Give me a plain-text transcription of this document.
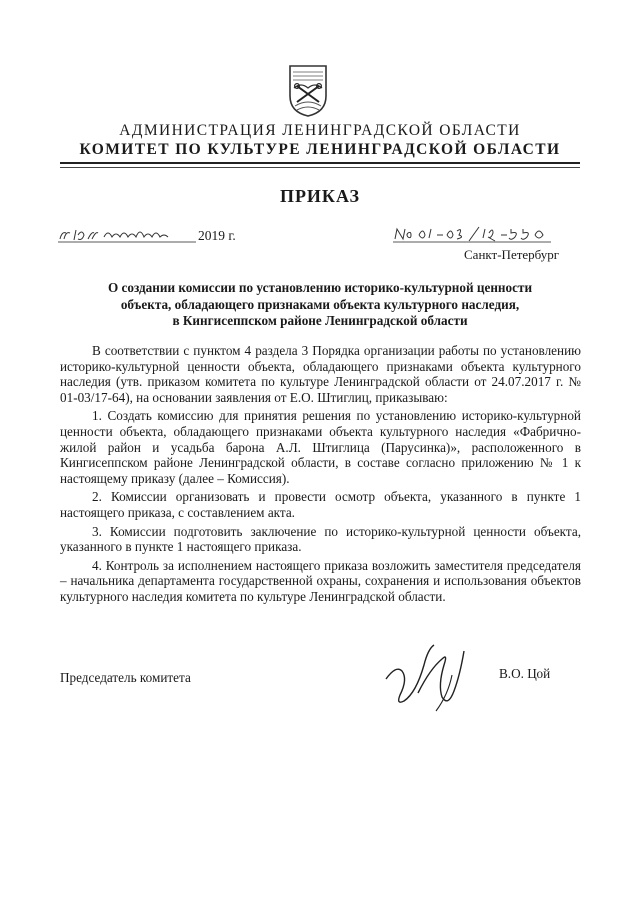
АДМИНИСТРАЦИЯ ЛЕНИНГРАДСКОЙ ОБЛАСТИ
КОМИТЕТ ПО КУЛЬТУРЕ ЛЕНИНГРАДСКОЙ ОБЛАСТИ
ПРИКАЗ
2019 г.
Санкт-Петербург
О создании комиссии по установлению историко-культурной ценности
объекта, обладающего признаками объекта культурного наследия,
в Кингисеппском районе Ленинградской области

В соответствии с пунктом 4 раздела 3 Порядка организации работы по установлению историко-культурной ценности объекта, обладающего признаками объекта культурного наследия (утв. приказом комитета по культуре Ленинградской области от 24.07.2017 г. № 01-03/17-64), на основании заявления от Е.О. Штиглиц, приказываю:

1. Создать комиссию для принятия решения по установлению историко-культурной ценности объекта, обладающего признаками объекта культурного наследия «Фабрично-жилой район и усадьба барона А.Л. Штиглица (Парусинка)», расположенного в Кингисеппском районе Ленинградской области, в составе согласно приложению № 1 к настоящему приказу (далее – Комиссия).

2. Комиссии организовать и провести осмотр объекта, указанного в пункте 1 настоящего приказа, с составлением акта.

3. Комиссии подготовить заключение по историко-культурной ценности объекта, указанного в пункте 1 настоящего приказа.

4. Контроль за исполнением настоящего приказа возложить заместителя председателя – начальника департамента государственной охраны, сохранения и использования объектов культурного наследия комитета по культуре Ленинградской области.

Председатель комитета	В.О. Цой
